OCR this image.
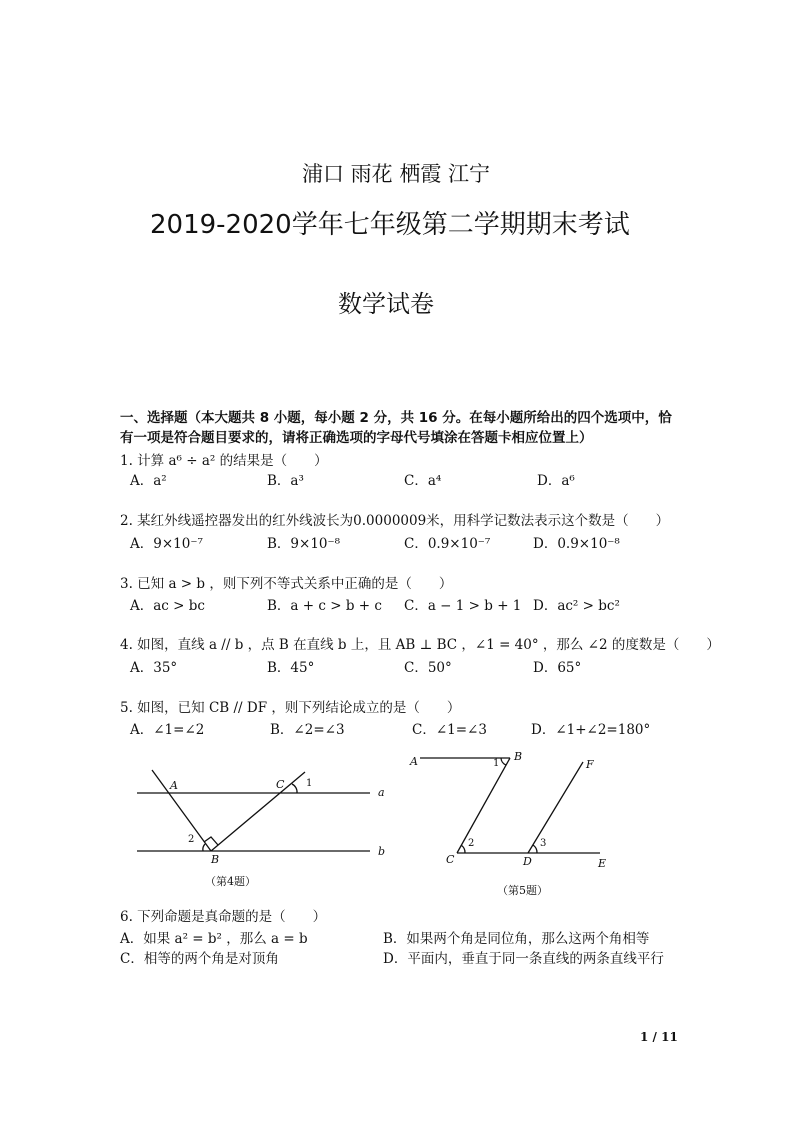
浦口 雨花 栖霞 江宁
2019-2020学年七年级第二学期期末考试
数学试卷
一、选择题（本大题共 8 小题，每小题 2 分，共 16 分。在每小题所给出的四个选项中，恰
有一项是符合题目要求的，请将正确选项的字母代号填涂在答题卡相应位置上）
1. 计算 a⁶ ÷ a² 的结果是（　　）
A．a²	B．a³	C．a⁴	D．a⁶
2. 某红外线遥控器发出的红外线波长为0.0000009米，用科学记数法表示这个数是（　　）
A．9×10⁻⁷	B．9×10⁻⁸	C．0.9×10⁻⁷	D．0.9×10⁻⁸
3. 已知 a > b ，则下列不等式关系中正确的是（　　）
A．ac > bc	B．a + c > b + c C．a − 1 > b + 1 D．ac² > bc²
4. 如图，直线 a // b ，点 B 在直线 b 上，且 AB ⊥ BC ，∠1 = 40° ，那么 ∠2 的度数是（　　）
A．35°	B．45°	C．50°	D．65°
5. 如图，已知 CB // DF ，则下列结论成立的是（　　）
A．∠1=∠2	B．∠2=∠3	C．∠1=∠3	D．∠1+∠2=180°
A	C 1
a
2
b
B
（第4题）
A	1
B
F
2	3
C	D	E
（第5题）
6. 下列命题是真命题的是（　　）
A．如果 a² = b² ，那么 a = b	B．如果两个角是同位角，那么这两个角相等
C．相等的两个角是对顶角	D．平面内，垂直于同一条直线的两条直线平行
1 / 11
